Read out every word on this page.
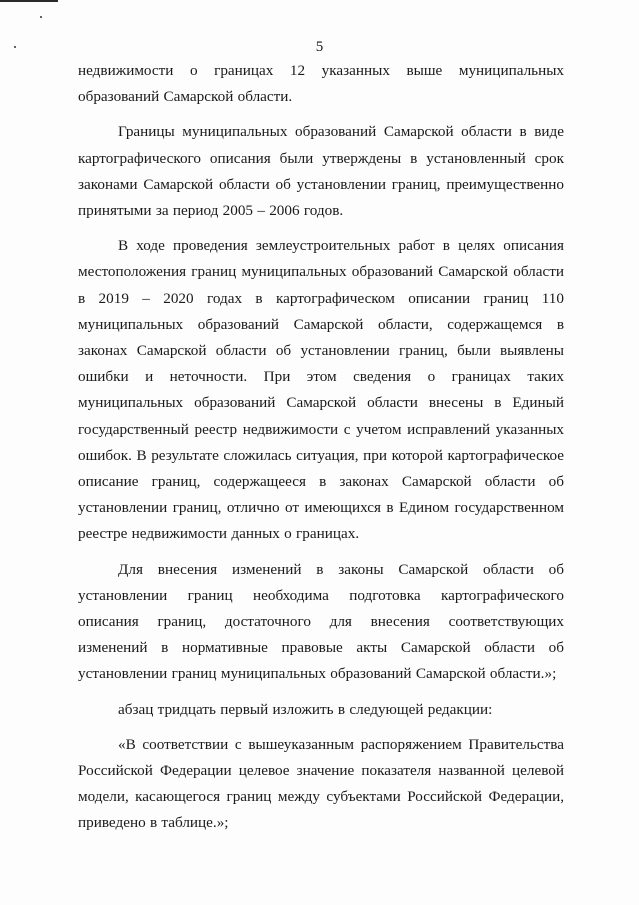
5

недвижимости о границах 12 указанных выше муниципальных образований Самарской области.

Границы муниципальных образований Самарской области в виде картографического описания были утверждены в установленный срок законами Самарской области об установлении границ, преимущественно принятыми за период 2005 – 2006 годов.

В ходе проведения землеустроительных работ в целях описания местоположения границ муниципальных образований Самарской области в 2019 – 2020 годах в картографическом описании границ 110 муниципальных образований Самарской области, содержащемся в законах Самарской области об установлении границ, были выявлены ошибки и неточности. При этом сведения о границах таких муниципальных образований Самарской области внесены в Единый государственный реестр недвижимости с учетом исправлений указанных ошибок. В результате сложилась ситуация, при которой картографическое описание границ, содержащееся в законах Самарской области об установлении границ, отлично от имеющихся в Едином государственном реестре недвижимости данных о границах.

Для внесения изменений в законы Самарской области об установлении границ необходима подготовка картографического описания границ, достаточного для внесения соответствующих изменений в нормативные правовые акты Самарской области об установлении границ муниципальных образований Самарской области.»;

абзац тридцать первый изложить в следующей редакции:

«В соответствии с вышеуказанным распоряжением Правительства Российской Федерации целевое значение показателя названной целевой модели, касающегося границ между субъектами Российской Федерации, приведено в таблице.»;
